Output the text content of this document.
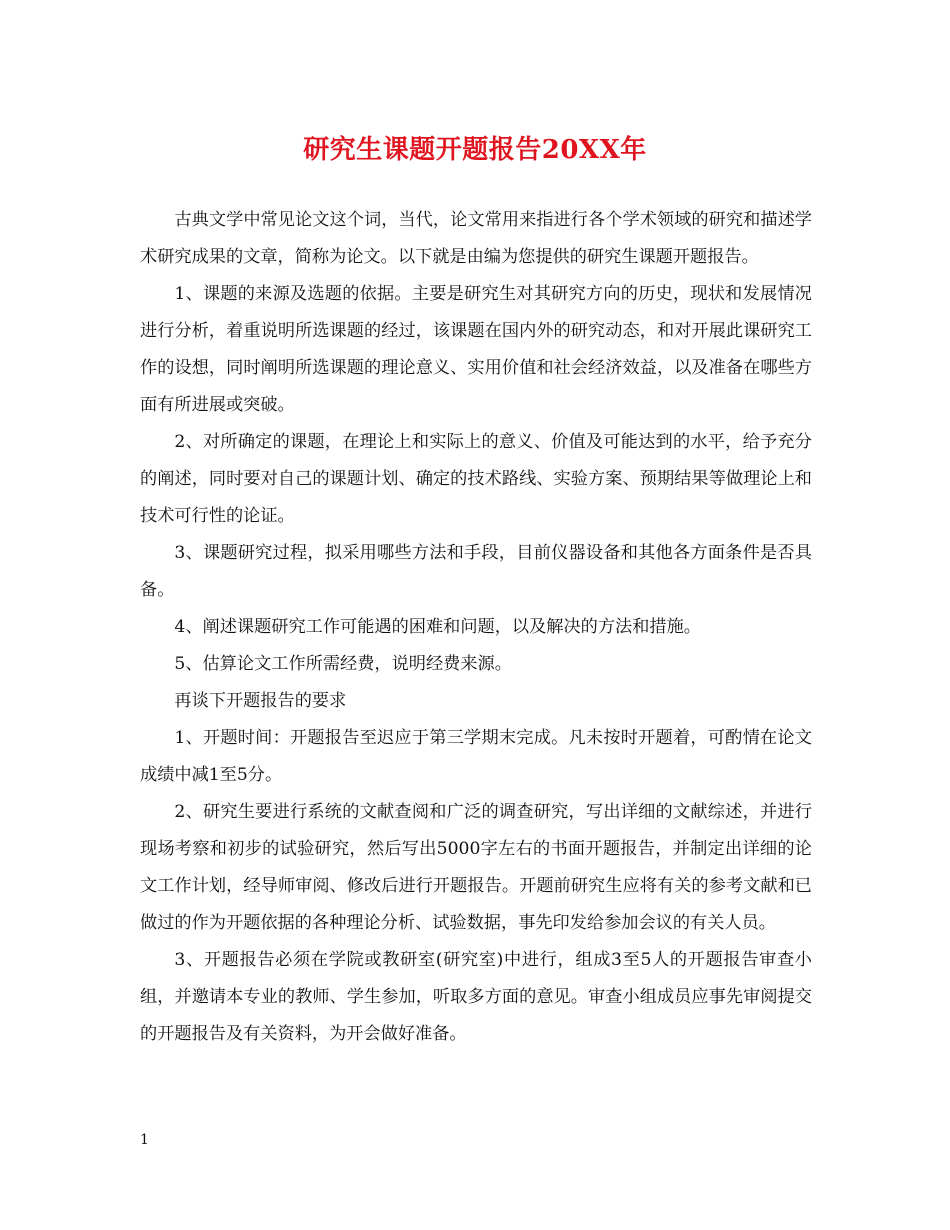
研究生课题开题报告20XX年

古典文学中常见论文这个词，当代，论文常用来指进行各个学术领域的研究和描述学术研究成果的文章，简称为论文。以下就是由编为您提供的研究生课题开题报告。

1、课题的来源及选题的依据。主要是研究生对其研究方向的历史，现状和发展情况进行分析，着重说明所选课题的经过，该课题在国内外的研究动态，和对开展此课研究工作的设想，同时阐明所选课题的理论意义、实用价值和社会经济效益，以及准备在哪些方面有所进展或突破。

2、对所确定的课题，在理论上和实际上的意义、价值及可能达到的水平，给予充分的阐述，同时要对自己的课题计划、确定的技术路线、实验方案、预期结果等做理论上和技术可行性的论证。

3、课题研究过程，拟采用哪些方法和手段，目前仪器设备和其他各方面条件是否具备。

4、阐述课题研究工作可能遇的困难和问题，以及解决的方法和措施。

5、估算论文工作所需经费，说明经费来源。

再谈下开题报告的要求

1、开题时间：开题报告至迟应于第三学期末完成。凡未按时开题着，可酌情在论文成绩中减1至5分。

2、研究生要进行系统的文献查阅和广泛的调查研究，写出详细的文献综述，并进行现场考察和初步的试验研究，然后写出5000字左右的书面开题报告，并制定出详细的论文工作计划，经导师审阅、修改后进行开题报告。开题前研究生应将有关的参考文献和已做过的作为开题依据的各种理论分析、试验数据，事先印发给参加会议的有关人员。

3、开题报告必须在学院或教研室(研究室)中进行，组成3至5人的开题报告审查小组，并邀请本专业的教师、学生参加，听取多方面的意见。审查小组成员应事先审阅提交的开题报告及有关资料，为开会做好准备。

1
